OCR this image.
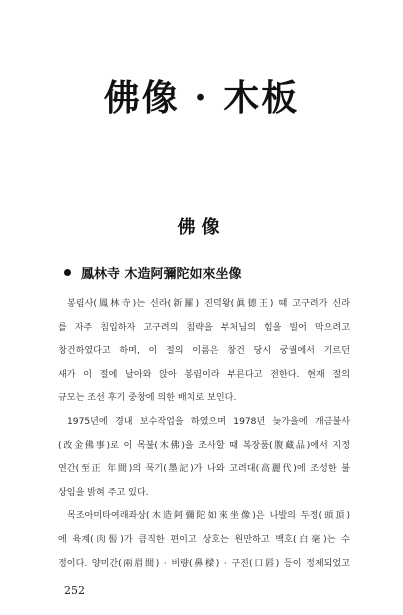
佛像 · 木板
佛像
鳳林寺 木造阿彌陀如來坐像
봉림사(鳳林寺)는 신라(新羅) 진덕왕(眞德王) 때 고구려가 신라
를 자주 침입하자 고구려의 침략을 부처님의 힘을 빌어 막으려고
창건하였다고 하며, 이 절의 이름은 창건 당시 궁궐에서 기르던
새가 이 절에 날아와 앉아 봉림이라 부른다고 전한다. 현재 절의
규모는 조선 후기 중창에 의한 배치로 보인다.
1975년에 경내 보수작업을 하였으며 1978년 늦가을에 개금불사
(改金佛事)로 이 목불(木佛)을 조사할 때 복장품(腹藏品)에서 지정
연간(至正 年間)의 묵기(墨記)가 나와 고려대(高麗代)에 조성한 불
상임을 밝혀 주고 있다.
목조아미타여래좌상(木造阿彌陀如來坐像)은 나발의 두정(頭頂)
에 육계(肉髻)가 큼직한 편이고 상호는 원만하고 백호(白毫)는 수
정이다. 양미간(兩眉間) · 비량(鼻樑) · 구진(口唇) 등이 정제되었고
252
